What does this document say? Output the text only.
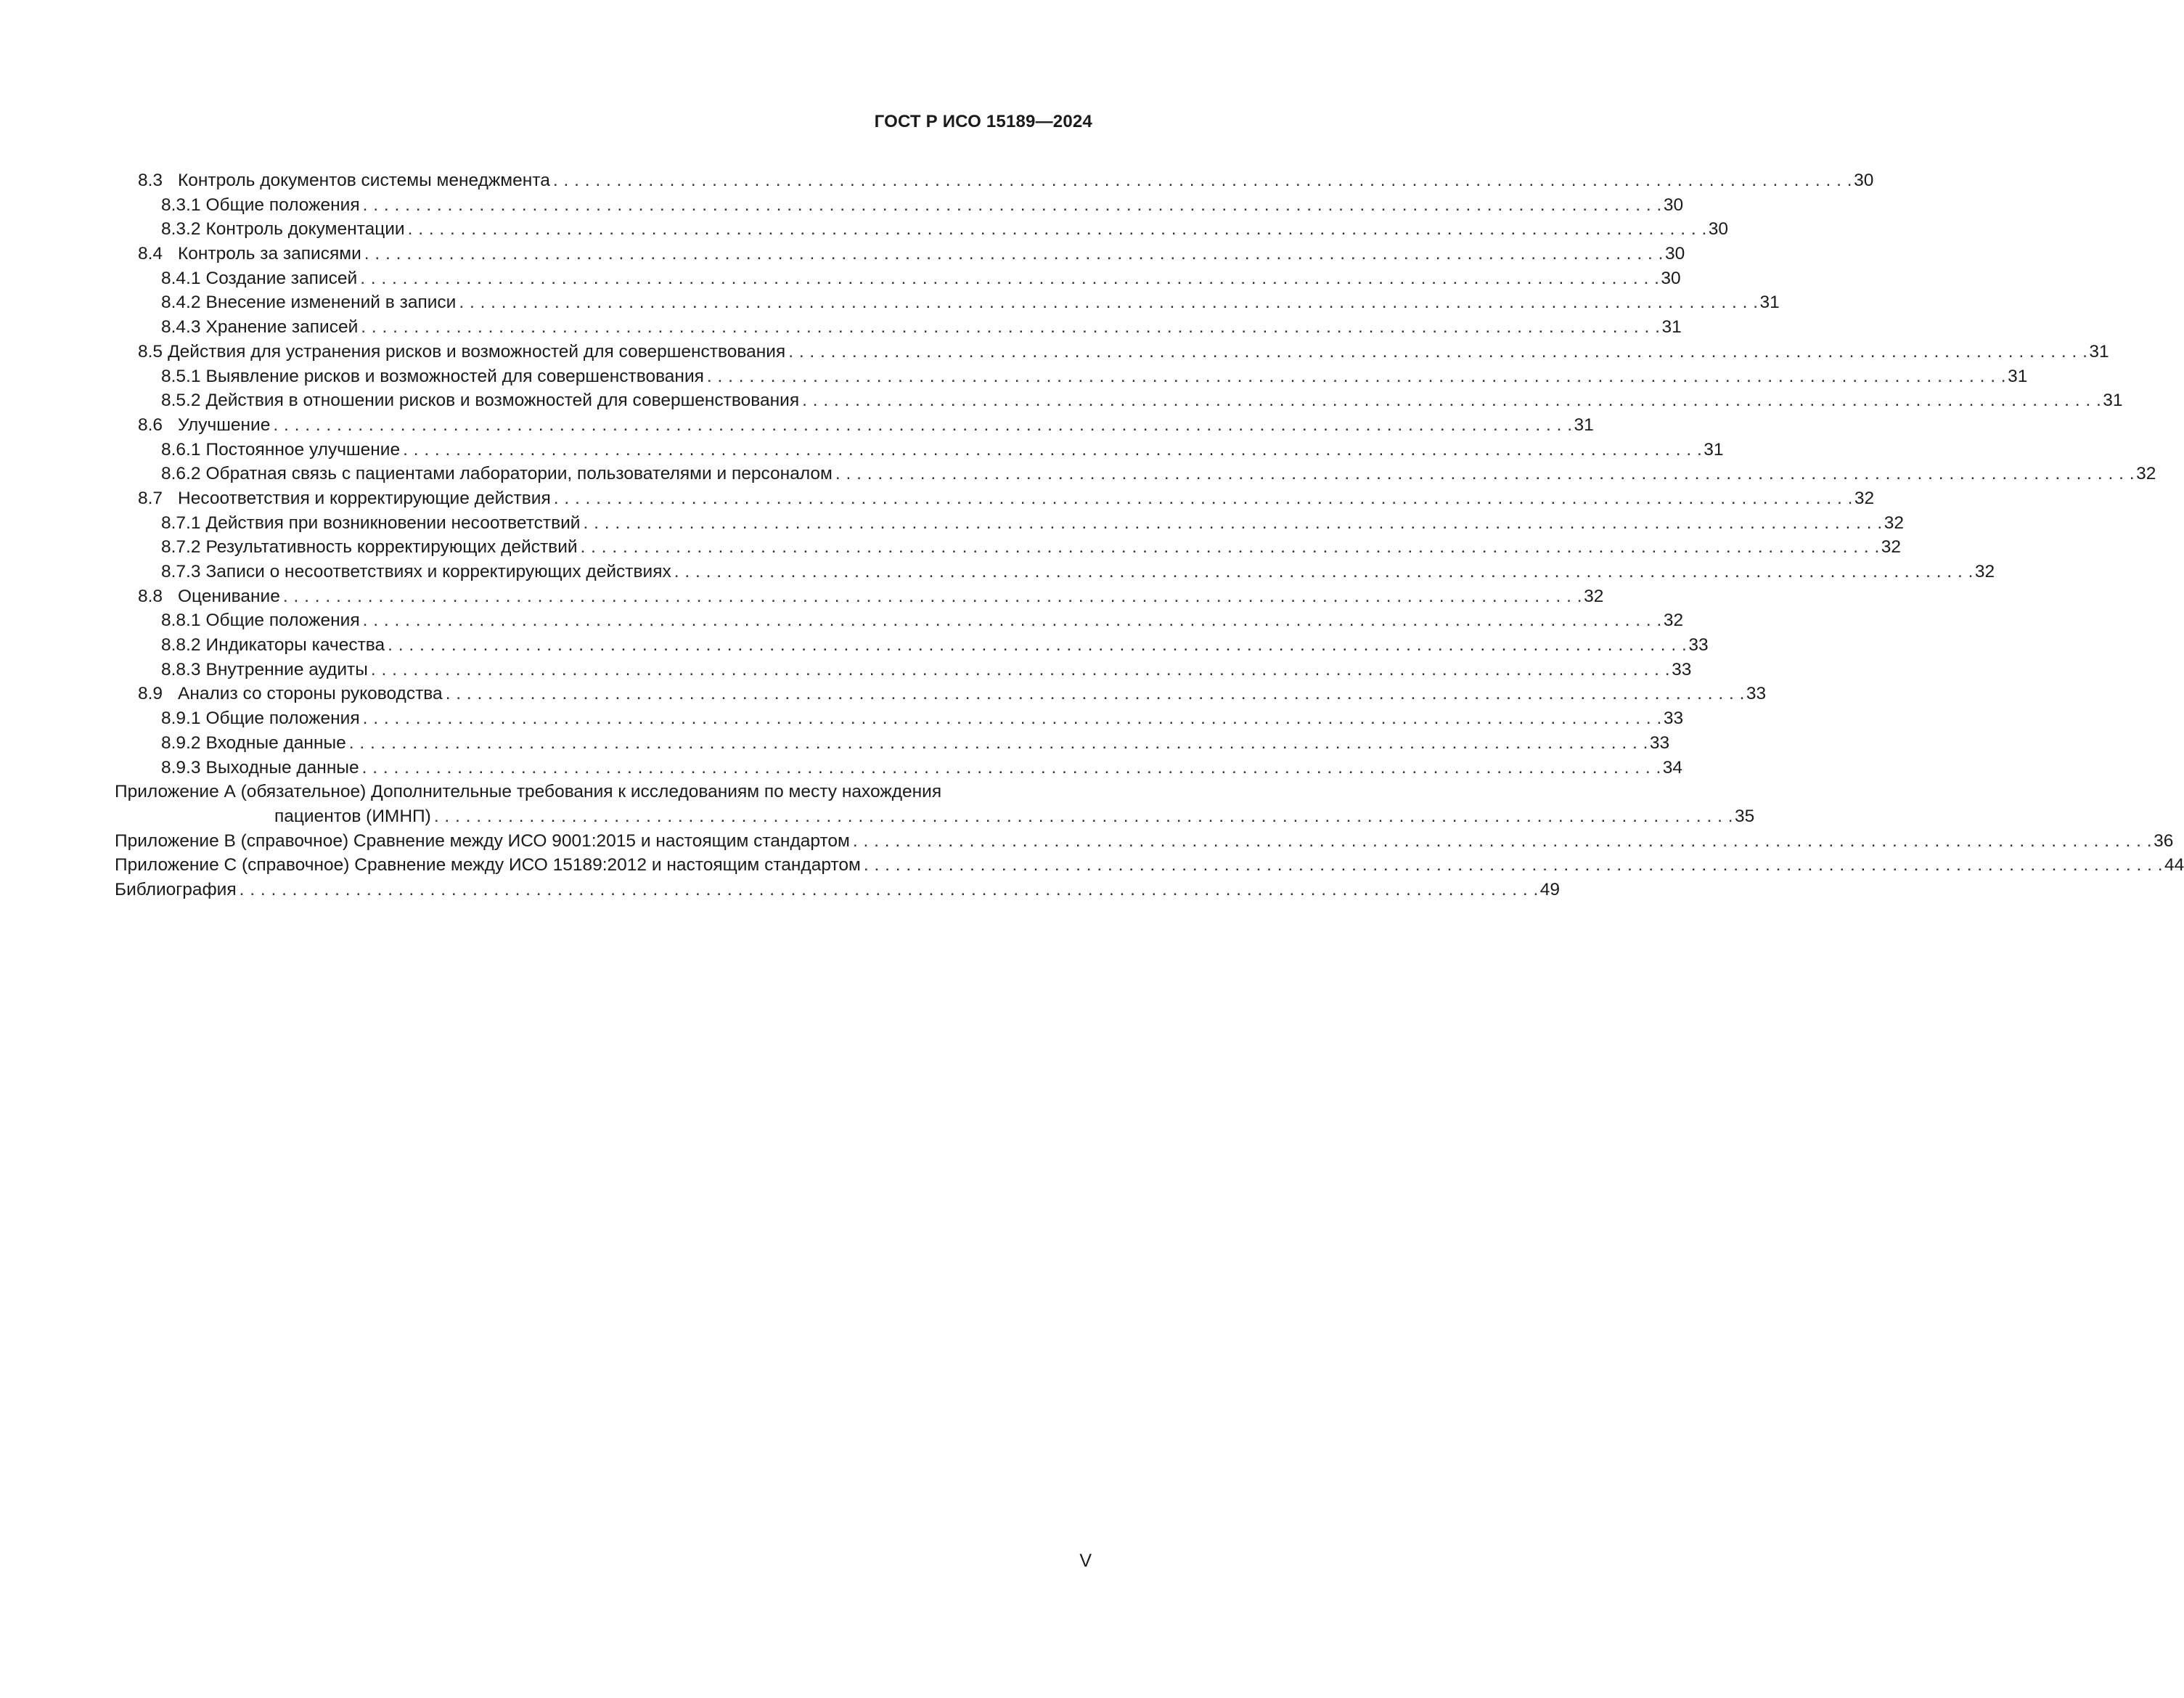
ГОСТ Р ИСО 15189—2024
8.3 Контроль документов системы менеджмента . . .	30
8.3.1 Общие положения . . .	30
8.3.2 Контроль документации . . .	30
8.4 Контроль за записями . . .	30
8.4.1 Создание записей . . .	30
8.4.2 Внесение изменений в записи . . .	31
8.4.3 Хранение записей . . .	31
8.5 Действия для устранения рисков и возможностей для совершенствования . . .	31
8.5.1 Выявление рисков и возможностей для совершенствования . . .	31
8.5.2 Действия в отношении рисков и возможностей для совершенствования . . .	31
8.6 Улучшение . . .	31
8.6.1 Постоянное улучшение . . .	31
8.6.2 Обратная связь с пациентами лаборатории, пользователями и персоналом . . .	32
8.7 Несоответствия и корректирующие действия . . .	32
8.7.1 Действия при возникновении несоответствий . . .	32
8.7.2 Результативность корректирующих действий . . .	32
8.7.3 Записи о несоответствиях и корректирующих действиях . . .	32
8.8 Оценивание . . .	32
8.8.1 Общие положения . . .	32
8.8.2 Индикаторы качества . . .	33
8.8.3 Внутренние аудиты . . .	33
8.9 Анализ со стороны руководства . . .	33
8.9.1 Общие положения . . .	33
8.9.2 Входные данные . . .	33
8.9.3 Выходные данные . . .	34
Приложение А (обязательное) Дополнительные требования к исследованиям по месту нахождения
пациентов (ИМНП) . . .	35
Приложение В (справочное) Сравнение между ИСО 9001:2015 и настоящим стандартом . . .	36
Приложение С (справочное) Сравнение между ИСО 15189:2012 и настоящим стандартом . . .	44
Библиография . . .	49
V
